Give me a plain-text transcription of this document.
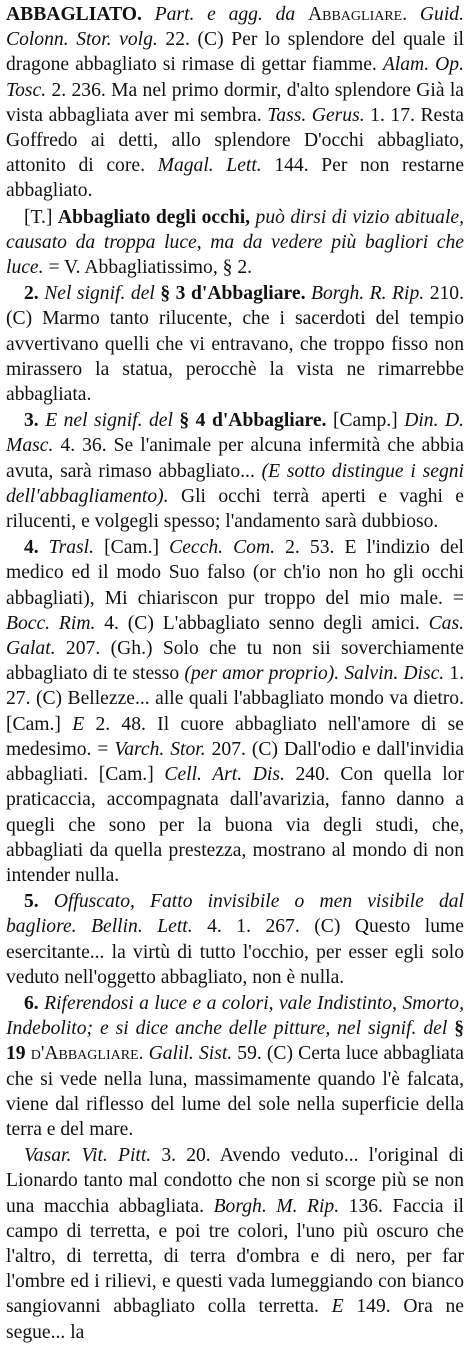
ABBAGLIATO. Part. e agg. da Abbagliare. Guid. Colonn. Stor. volg. 22. (C) Per lo splendore del quale il dragone abbagliato si rimase di gettar fiamme. Alam. Op. Tosc. 2. 236. Ma nel primo dormir, d'alto splendore Già la vista abbagliata aver mi sembra. Tass. Gerus. 1. 17. Resta Goffredo ai detti, allo splendore D'occhi abbagliato, attonito di core. Magal. Lett. 144. Per non restarne abbagliato.

[T.] Abbagliato degli occhi, può dirsi di vizio abituale, causato da troppa luce, ma da vedere più bagliori che luce. = V. Abbagliatissimo, § 2.

2. Nel signif. del § 3 d'Abbagliare. Borgh. R. Rip. 210. (C) Marmo tanto rilucente, che i sacerdoti del tempio avvertivano quelli che vi entravano, che troppo fisso non mirassero la statua, perocchè la vista ne rimarrebbe abbagliata.

3. E nel signif. del § 4 d'Abbagliare. [Camp.] Din. D. Masc. 4. 36. Se l'animale per alcuna infermità che abbia avuta, sarà rimaso abbagliato... (E sotto distingue i segni dell'abbagliamento). Gli occhi terrà aperti e vaghi e rilucenti, e volgegli spesso; l'andamento sarà dubbioso.

4. Trasl. [Cam.] Cecch. Com. 2. 53. E l'indizio del medico ed il modo Suo falso (or ch'io non ho gli occhi abbagliati), Mi chiariscon pur troppo del mio male. = Bocc. Rim. 4. (C) L'abbagliato senno degli amici. Cas. Galat. 207. (Gh.) Solo che tu non sii soverchiamente abbagliato di te stesso (per amor proprio). Salvin. Disc. 1. 27. (C) Bellezze... alle quali l'abbagliato mondo va dietro. [Cam.] E 2. 48. Il cuore abbagliato nell'amore di se medesimo. = Varch. Stor. 207. (C) Dall'odio e dall'invidia abbagliati. [Cam.] Cell. Art. Dis. 240. Con quella lor praticaccia, accompagnata dall'avarizia, fanno danno a quegli che sono per la buona via degli studi, che, abbagliati da quella prestezza, mostrano al mondo di non intender nulla.

5. Offuscato, Fatto invisibile o men visibile dal bagliore. Bellin. Lett. 4. 1. 267. (C) Questo lume esercitante... la virtù di tutto l'occhio, per esser egli solo veduto nell'oggetto abbagliato, non è nulla.

6. Riferendosi a luce e a colori, vale Indistinto, Smorto, Indebolito; e si dice anche delle pitture, nel signif. del § 19 d'Abbagliare. Galil. Sist. 59. (C) Certa luce abbagliata che si vede nella luna, massimamente quando l'è falcata, viene dal riflesso del lume del sole nella superficie della terra e del mare.

Vasar. Vit. Pitt. 3. 20. Avendo veduto... l'original di Lionardo tanto mal condotto che non si scorge più se non una macchia abbagliata. Borgh. M. Rip. 136. Faccia il campo di terretta, e poi tre colori, l'uno più oscuro che l'altro, di terretta, di terra d'ombra e di nero, per far l'ombre ed i rilievi, e questi vada lumeggiando con bianco sangiovanni abbagliato colla terretta. E 149. Ora ne segue... la
